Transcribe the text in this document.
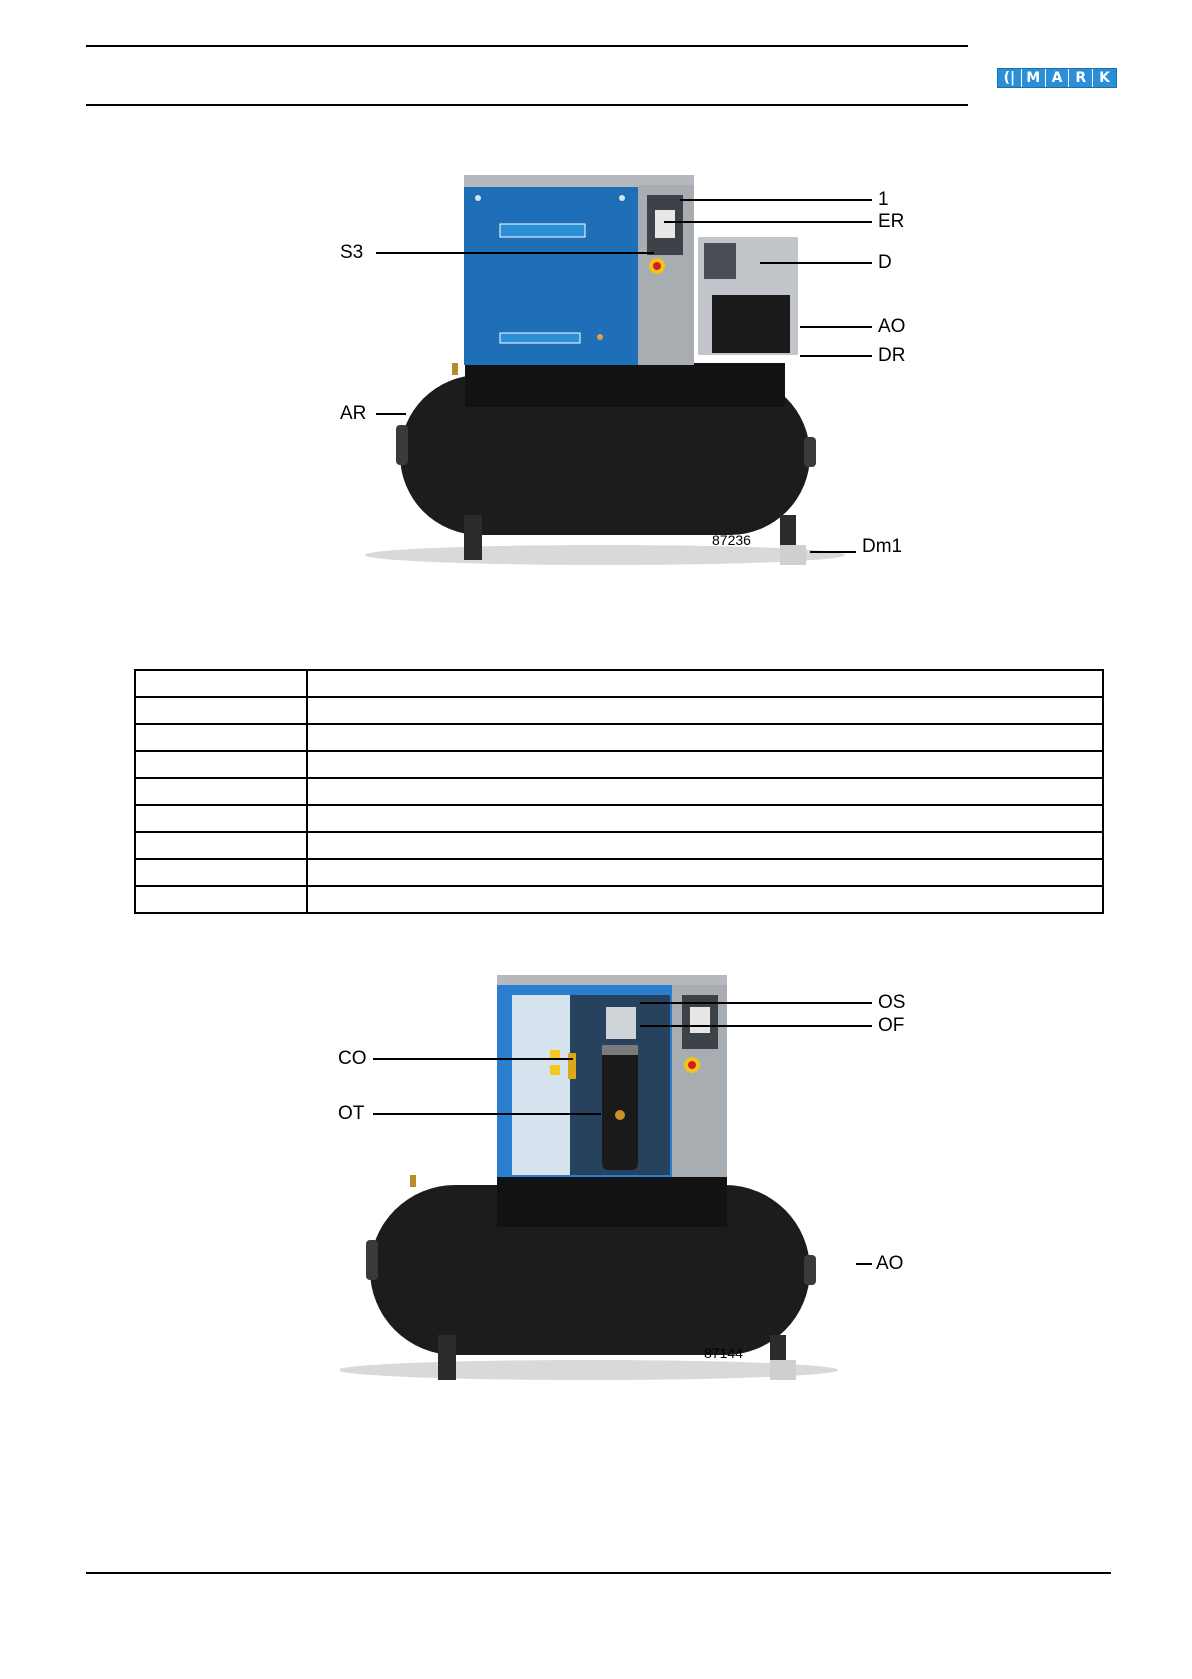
(| M A R K
1
ER
D
AO
DR
S3
AR
87236	Dm1

OS
OF
CO
OT
AO
87144
